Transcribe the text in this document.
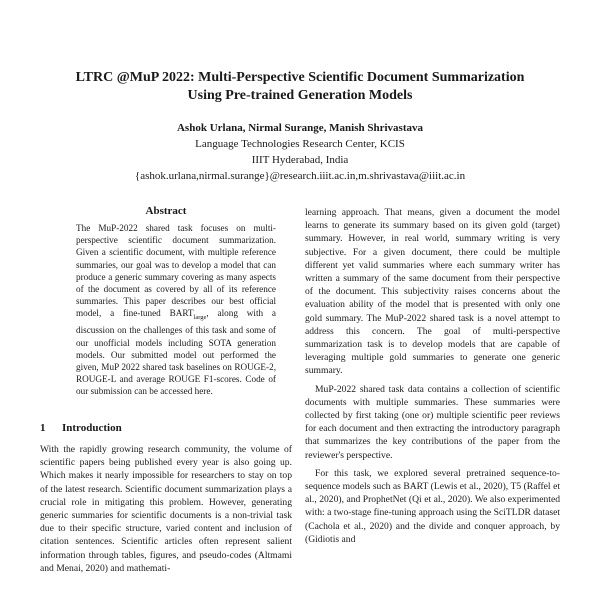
LTRC @MuP 2022: Multi-Perspective Scientific Document Summarization
Using Pre-trained Generation Models
Ashok Urlana, Nirmal Surange, Manish Shrivastava
Language Technologies Research Center, KCIS
IIIT Hyderabad, India
{ashok.urlana,nirmal.surange}@research.iiit.ac.in,m.shrivastava@iiit.ac.in
Abstract
The MuP-2022 shared task focuses on multi-perspective scientific document summarization. Given a scientific document, with multiple reference summaries, our goal was to develop a model that can produce a generic summary covering as many aspects of the document as covered by all of its reference summaries. This paper describes our best official model, a fine-tuned $BART_{large}$, along with a discussion on the challenges of this task and some of our unofficial models including SOTA generation models. Our submitted model out performed the given, MuP 2022 shared task baselines on ROUGE-2, ROUGE-L and average ROUGE F1-scores. Code of our submission can be accessed here.
1 Introduction
With the rapidly growing research community, the volume of scientific papers being published every year is also going up. Which makes it nearly impossible for researchers to stay on top of the latest research. Scientific document summarization plays a crucial role in mitigating this problem. However, generating generic summaries for scientific documents is a non-trivial task due to their specific structure, varied content and inclusion of citation sentences. Scientific articles often represent salient information through tables, figures, and pseudo-codes (Altmami and Menai, 2020) and mathemati-

learning approach. That means, given a document the model learns to generate its summary based on its given gold (target) summary. However, in real world, summary writing is very subjective. For a given document, there could be multiple different yet valid summaries where each summary writer has written a summary of the same document from their perspective of the document. This subjectivity raises concerns about the evaluation ability of the model that is presented with only one gold summary. The MuP-2022 shared task is a novel attempt to address this concern. The goal of multi-perspective summarization task is to develop models that are capable of leveraging multiple gold summaries to generate one generic summary.

MuP-2022 shared task data contains a collection of scientific documents with multiple summaries. These summaries were collected by first taking (one or) multiple scientific peer reviews for each document and then extracting the introductory paragraph that summarizes the key contributions of the paper from the reviewer's perspective.

For this task, we explored several pretrained sequence-to-sequence models such as BART (Lewis et al., 2020), T5 (Raffel et al., 2020), and ProphetNet (Qi et al., 2020). We also experimented with: a two-stage fine-tuning approach using the SciTLDR dataset (Cachola et al., 2020) and the divide and conquer approach, by (Gidiotis and
